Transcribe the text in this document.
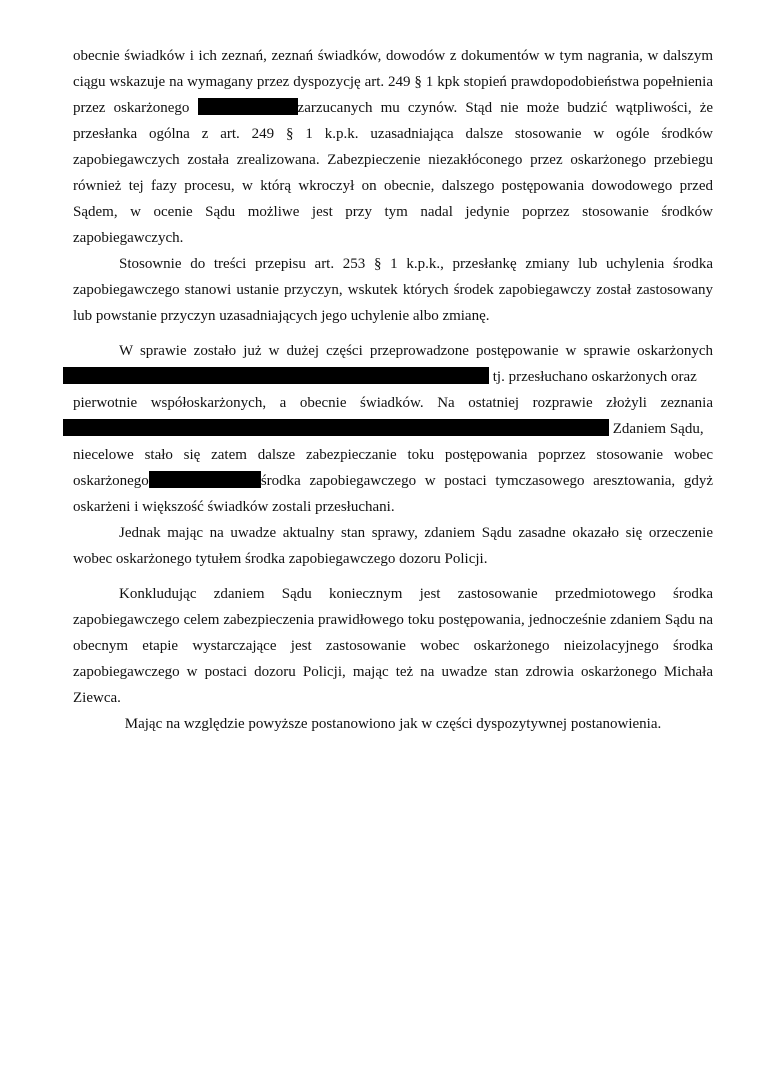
obecnie świadków i ich zeznań, zeznań świadków, dowodów z dokumentów w tym nagrania, w dalszym ciągu wskazuje na wymagany przez dyspozycję art. 249 § 1 kpk stopień prawdopodobieństwa popełnienia przez oskarżonego	zarzucanych mu czynów. Stąd nie może budzić wątpliwości, że przesłanka ogólna z art. 249 § 1 k.p.k. uzasadniająca dalsze stosowanie w ogóle środków zapobiegawczych została zrealizowana. Zabezpieczenie niezakłóconego przez oskarżonego przebiegu również tej fazy procesu, w którą wkroczył on obecnie, dalszego postępowania dowodowego przed Sądem, w ocenie Sądu możliwe jest przy tym nadal jedynie poprzez stosowanie środków zapobiegawczych.

Stosownie do treści przepisu art. 253 § 1 k.p.k., przesłankę zmiany lub uchylenia środka zapobiegawczego stanowi ustanie przyczyn, wskutek których środek zapobiegawczy został zastosowany lub powstanie przyczyn uzasadniających jego uchylenie albo zmianę.

W sprawie zostało już w dużej części przeprowadzone postępowanie w sprawie oskarżonych
tj. przesłuchano oskarżonych oraz
pierwotnie współoskarżonych, a obecnie świadków. Na ostatniej rozprawie złożyli zeznania
Zdaniem Sądu,
niecelowe stało się zatem dalsze zabezpieczanie toku postępowania poprzez stosowanie wobec
oskarżonego	środka zapobiegawczego w postaci tymczasowego aresztowania, gdyż
oskarżeni i większość świadków zostali przesłuchani.

Jednak mając na uwadze aktualny stan sprawy, zdaniem Sądu zasadne okazało się orzeczenie wobec oskarżonego tytułem środka zapobiegawczego dozoru Policji.

Konkludując zdaniem Sądu koniecznym jest zastosowanie przedmiotowego środka zapobiegawczego celem zabezpieczenia prawidłowego toku postępowania, jednocześnie zdaniem Sądu na obecnym etapie wystarczające jest zastosowanie wobec oskarżonego nieizolacyjnego środka zapobiegawczego w postaci dozoru Policji, mając też na uwadze stan zdrowia oskarżonego Michała Ziewca.

Mając na względzie powyższe postanowiono jak w części dyspozytywnej postanowienia.
